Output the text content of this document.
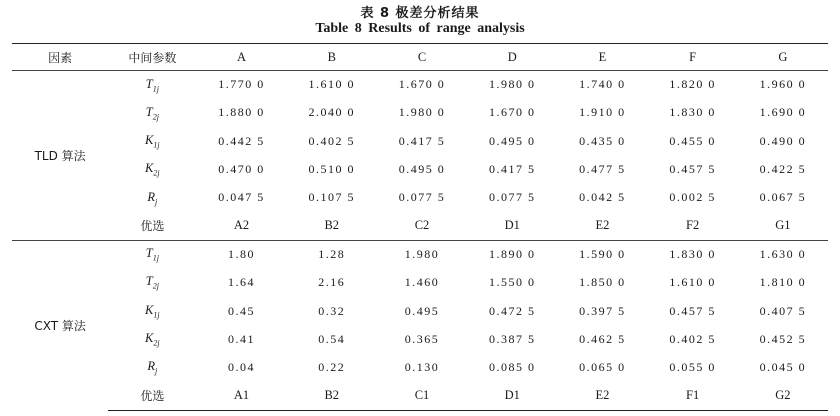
表 8 极差分析结果
Table 8 Results of range analysis
因素	中间参数	A	B	C	D	E	F	G
TLD 算法	$T_{1j}$	1.770 0	1.610 0	1.670 0	1.980 0	1.740 0	1.820 0	1.960 0
	$T_{2j}$	1.880 0	2.040 0	1.980 0	1.670 0	1.910 0	1.830 0	1.690 0
	$K_{1j}$	0.442 5	0.402 5	0.417 5	0.495 0	0.435 0	0.455 0	0.490 0
	$K_{2j}$	0.470 0	0.510 0	0.495 0	0.417 5	0.477 5	0.457 5	0.422 5
	$R_j$	0.047 5	0.107 5	0.077 5	0.077 5	0.042 5	0.002 5	0.067 5
	优选	A2	B2	C2	D1	E2	F2	G1
CXT 算法	$T_{1j}$	1.80	1.28	1.980	1.890 0	1.590 0	1.830 0	1.630 0
	$T_{2j}$	1.64	2.16	1.460	1.550 0	1.850 0	1.610 0	1.810 0
	$K_{1j}$	0.45	0.32	0.495	0.472 5	0.397 5	0.457 5	0.407 5
	$K_{2j}$	0.41	0.54	0.365	0.387 5	0.462 5	0.402 5	0.452 5
	$R_j$	0.04	0.22	0.130	0.085 0	0.065 0	0.055 0	0.045 0
	优选	A1	B2	C1	D1	E2	F1	G2
